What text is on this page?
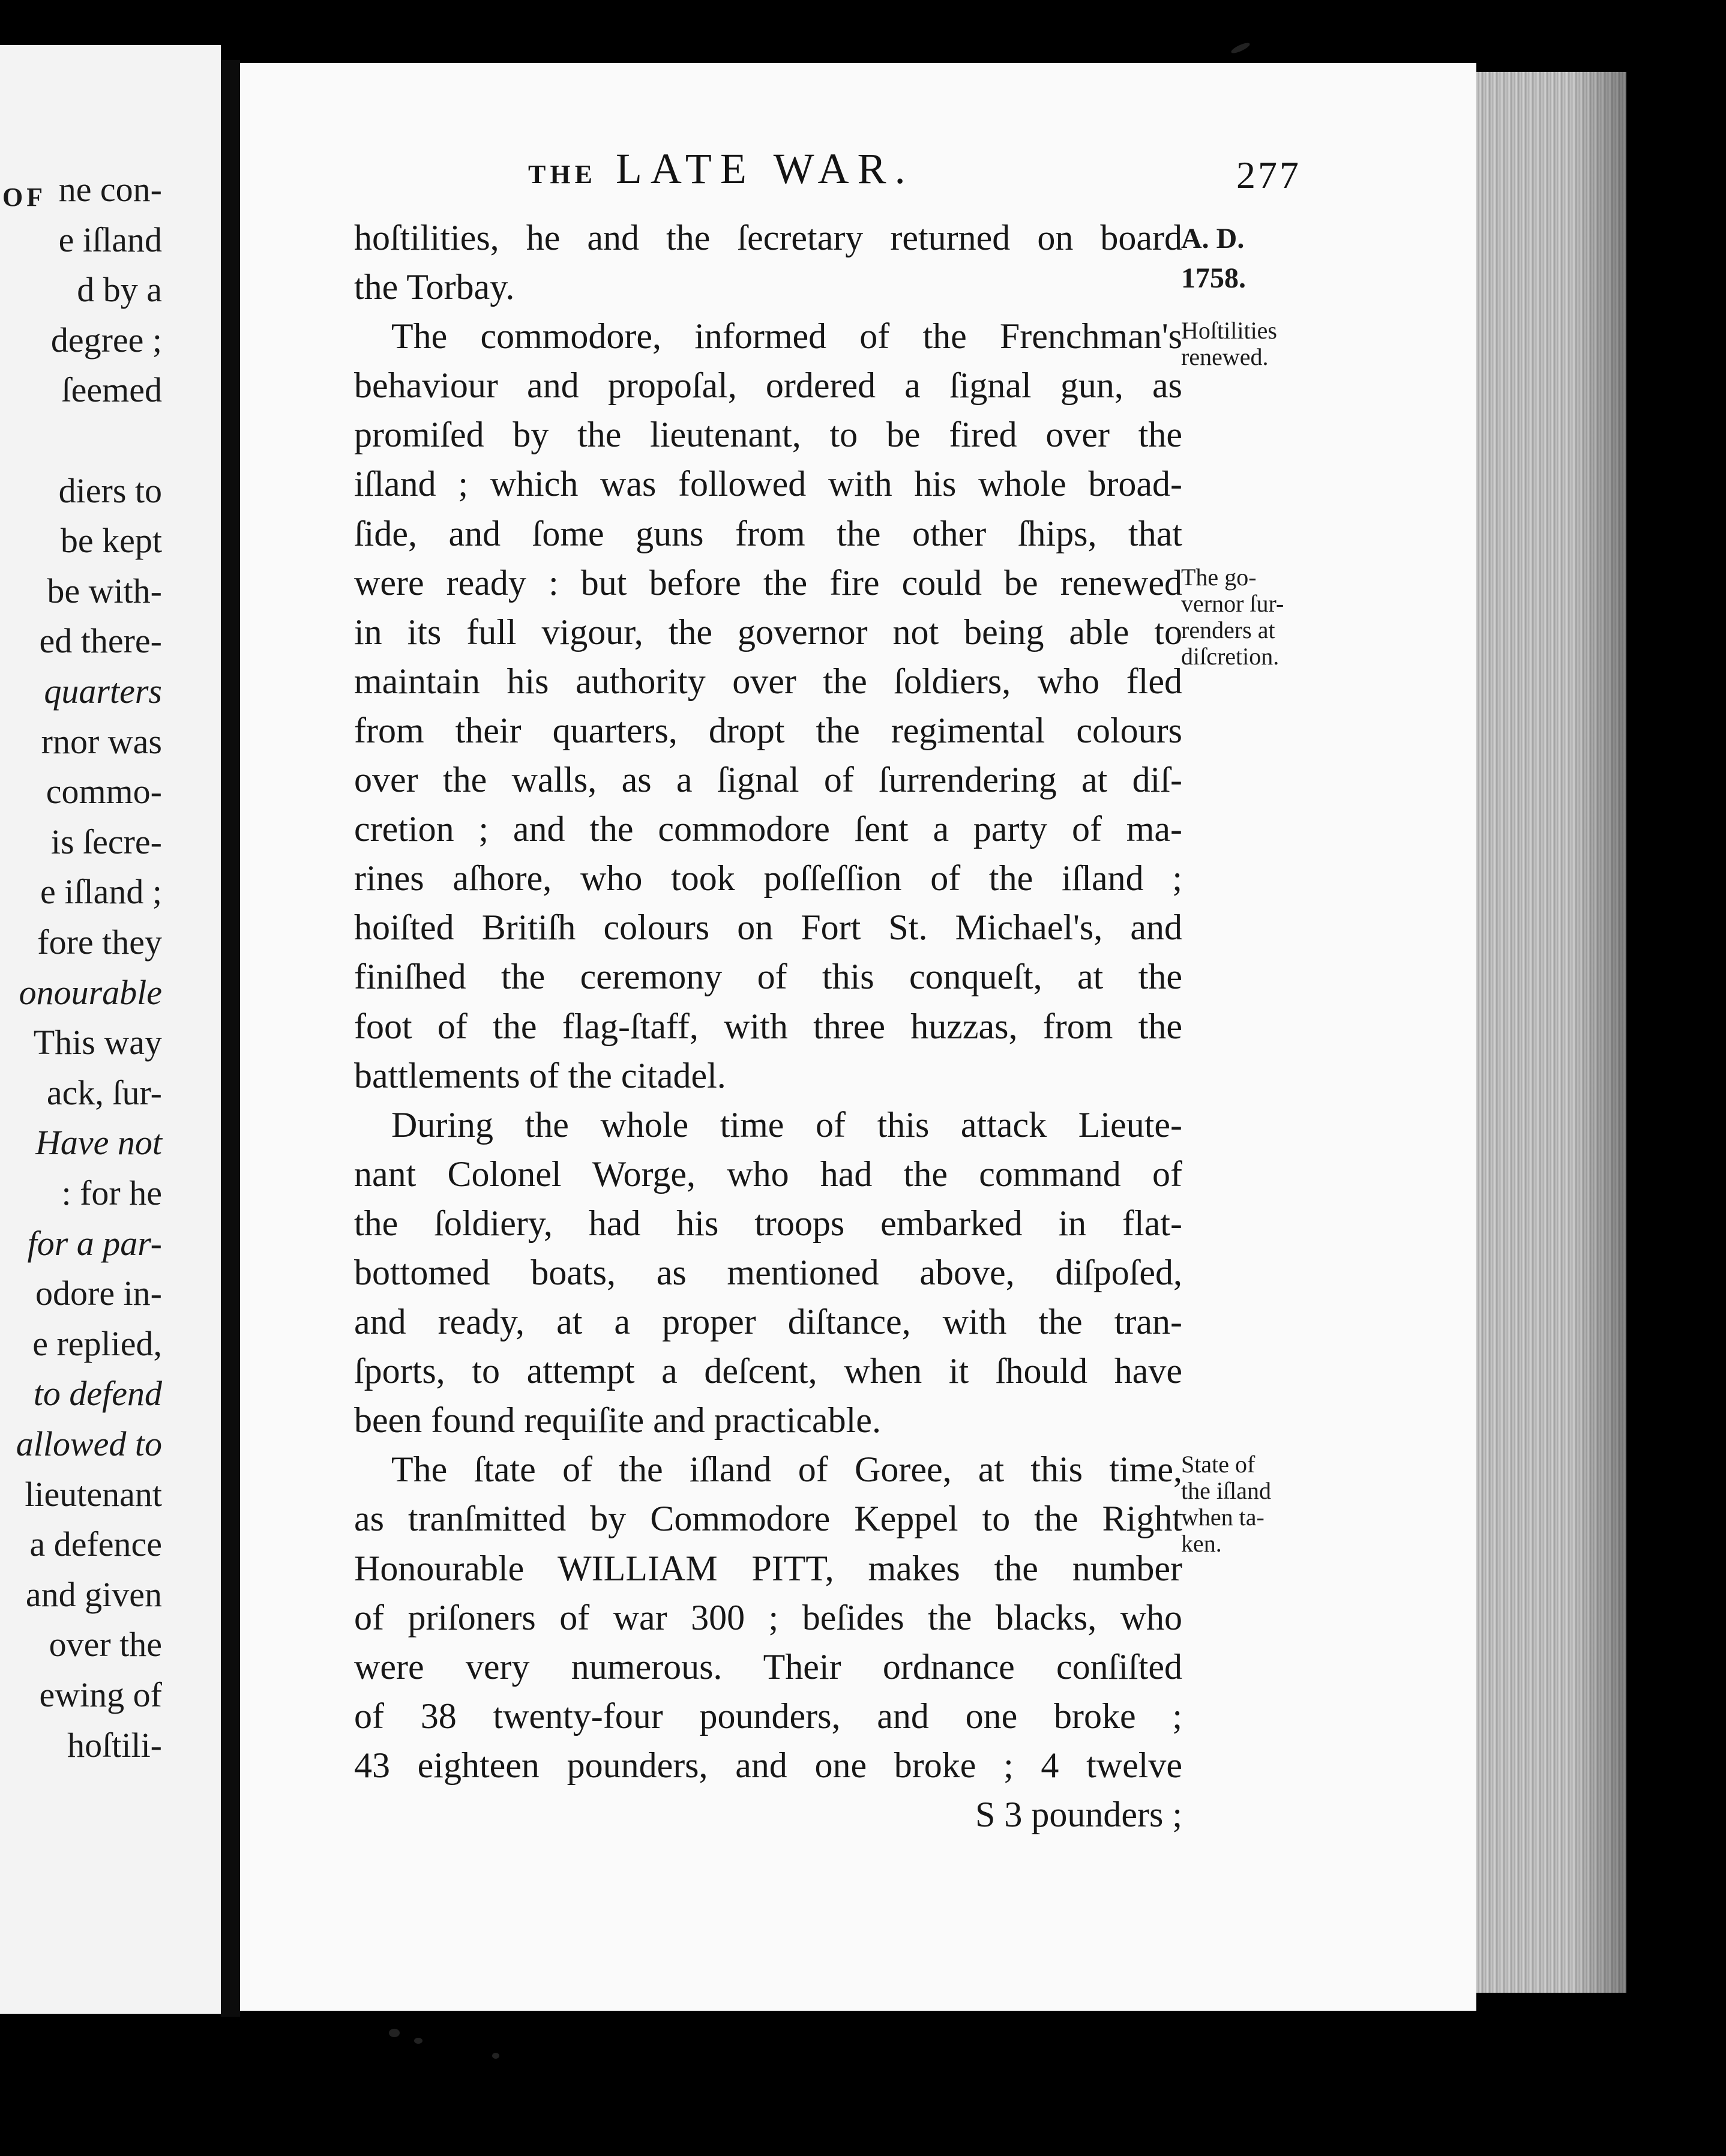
OF ne con-
e iſland
d by a
degree ;
ſeemed
diers to
be kept
be with-
ed there-
quarters
rnor was
commo-
is ſecre-
e iſland ;
fore they
onourable
This way
ack, ſur-
Have not
: for he
for a par-
odore in-
e replied,
to defend
allowed to
lieutenant
a defence
and given
over the
ewing of
hoſtili-
THE LATE WAR.	277
hoſtilities, he and the ſecretary returned on board
the Torbay.
The commodore, informed of the Frenchman's
behaviour and propoſal, ordered a ſignal gun, as
promiſed by the lieutenant, to be fired over the
iſland ; which was followed with his whole broad-
ſide, and ſome guns from the other ſhips, that
were ready : but before the fire could be renewed
in its full vigour, the governor not being able to
maintain his authority over the ſoldiers, who fled
from their quarters, dropt the regimental colours
over the walls, as a ſignal of ſurrendering at diſ-
cretion ; and the commodore ſent a party of ma-
rines aſhore, who took poſſeſſion of the iſland ;
hoiſted Britiſh colours on Fort St. Michael's, and
finiſhed the ceremony of this conqueſt, at the
foot of the flag-ſtaff, with three huzzas, from the
battlements of the citadel.
During the whole time of this attack Lieute-
nant Colonel Worge, who had the command of
the ſoldiery, had his troops embarked in flat-
bottomed boats, as mentioned above, diſpoſed,
and ready, at a proper diſtance, with the tran-
ſports, to attempt a deſcent, when it ſhould have
been found requiſite and practicable.
The ſtate of the iſland of Goree, at this time,
as tranſmitted by Commodore Keppel to the Right
Honourable WILLIAM PITT, makes the number
of priſoners of war 300 ; beſides the blacks, who
were very numerous. Their ordnance conſiſted
of 38 twenty-four pounders, and one broke ;
43 eighteen pounders, and one broke ; 4 twelve
S 3 pounders ;
A. D.
1758.
Hoſtilities
renewed.
The go-
vernor ſur-
renders at
diſcretion.
State of
the iſland
when ta-
ken.
